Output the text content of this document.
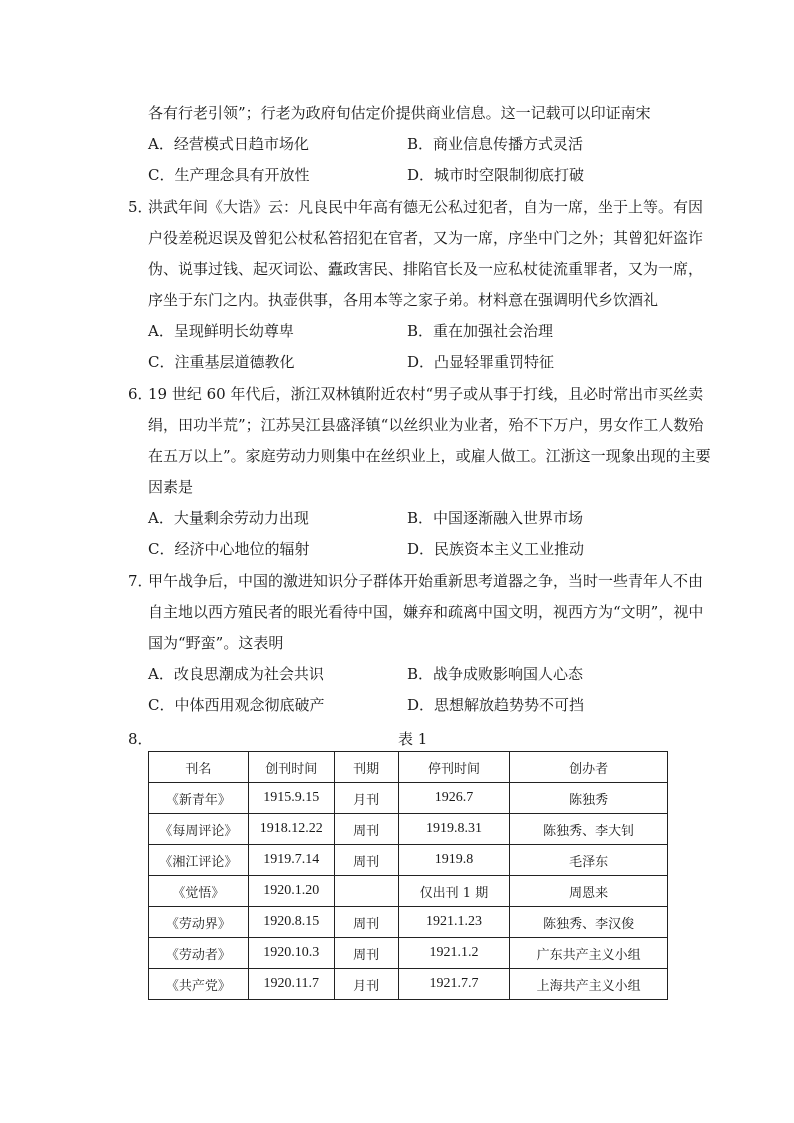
各有行老引领”；行老为政府旬估定价提供商业信息。这一记载可以印证南宋
A．经营模式日趋市场化	B．商业信息传播方式灵活
C．生产理念具有开放性	D．城市时空限制彻底打破
5．
洪武年间《大诰》云：凡良民中年高有德无公私过犯者，自为一席，坐于上等。有因
户役差税迟误及曾犯公杖私笞招犯在官者，又为一席，序坐中门之外；其曾犯奸盗诈
伪、说事过钱、起灭词讼、蠹政害民、排陷官长及一应私杖徒流重罪者，又为一席，
序坐于东门之内。执壶供事，各用本等之家子弟。材料意在强调明代乡饮酒礼
A．呈现鲜明长幼尊卑	B．重在加强社会治理
C．注重基层道德教化	D．凸显轻罪重罚特征
6．
19 世纪 60 年代后，浙江双林镇附近农村“男子或从事于打线，且必时常出市买丝卖
绢，田功半荒”；江苏吴江县盛泽镇“以丝织业为业者，殆不下万户，男女作工人数殆
在五万以上”。家庭劳动力则集中在丝织业上，或雇人做工。江浙这一现象出现的主要
因素是
A．大量剩余劳动力出现	B．中国逐渐融入世界市场
C．经济中心地位的辐射	D．民族资本主义工业推动
7．
甲午战争后，中国的激进知识分子群体开始重新思考道器之争，当时一些青年人不由
自主地以西方殖民者的眼光看待中国，嫌弃和疏离中国文明，视西方为“文明”，视中
国为“野蛮”。这表明
A．改良思潮成为社会共识	B．战争成败影响国人心态
C．中体西用观念彻底破产	D．思想解放趋势势不可挡
8．	表 1
刊名	创刊时间	刊期	停刊时间	创办者
《新青年》	1915.9.15	月刊	1926.7	陈独秀
《每周评论》	1918.12.22	周刊	1919.8.31	陈独秀、李大钊
《湘江评论》	1919.7.14	周刊	1919.8	毛泽东
《觉悟》	1920.1.20		仅出刊 1 期	周恩来
《劳动界》	1920.8.15	周刊	1921.1.23	陈独秀、李汉俊
《劳动者》	1920.10.3	周刊	1921.1.2	广东共产主义小组
《共产党》	1920.11.7	月刊	1921.7.7	上海共产主义小组
